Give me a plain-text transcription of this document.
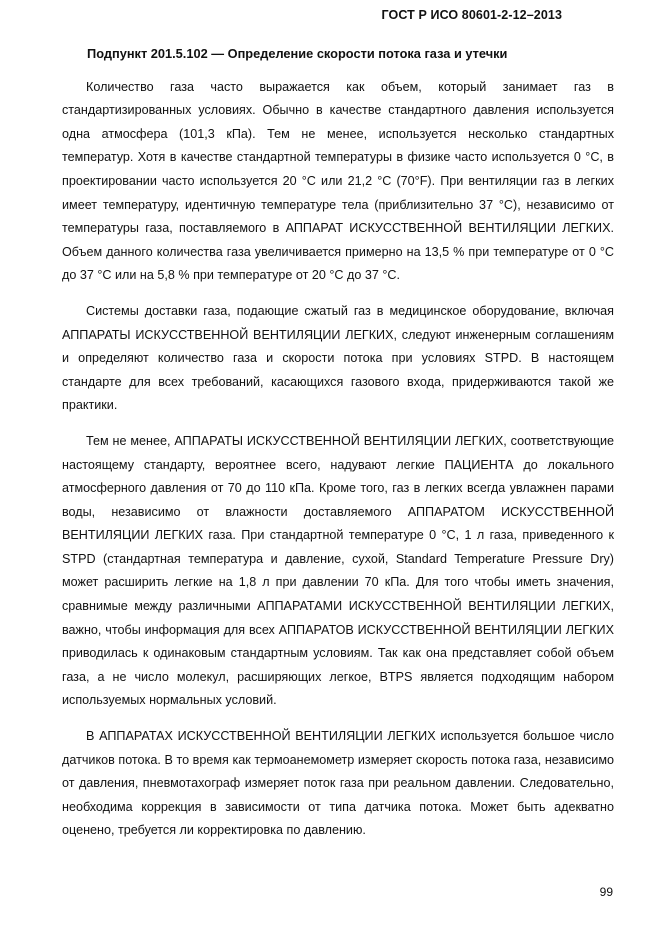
ГОСТ Р ИСО 80601-2-12–2013
Подпункт 201.5.102 — Определение скорости потока газа и утечки

Количество газа часто выражается как объем, который занимает газ в стандартизированных условиях. Обычно в качестве стандартного давления используется одна атмосфера (101,3 кПа). Тем не менее, используется несколько стандартных температур. Хотя в качестве стандартной температуры в физике часто используется 0 °С, в проектировании часто используется 20 °С или 21,2 °С (70°F). При вентиляции газ в легких имеет температуру, идентичную температуре тела (приблизительно 37 °С), независимо от температуры газа, поставляемого в АППАРАТ ИСКУССТВЕННОЙ ВЕНТИЛЯЦИИ ЛЕГКИХ. Объем данного количества газа увеличивается примерно на 13,5 % при температуре от 0 °С до 37 °С или на 5,8 % при температуре от 20 °С до 37 °С.

Системы доставки газа, подающие сжатый газ в медицинское оборудование, включая АППАРАТЫ ИСКУССТВЕННОЙ ВЕНТИЛЯЦИИ ЛЕГКИХ, следуют инженерным соглашениям и определяют количество газа и скорости потока при условиях STPD. В настоящем стандарте для всех требований, касающихся газового входа, придерживаются такой же практики.

Тем не менее, АППАРАТЫ ИСКУССТВЕННОЙ ВЕНТИЛЯЦИИ ЛЕГКИХ, соответствующие настоящему стандарту, вероятнее всего, надувают легкие ПАЦИЕНТА до локального атмосферного давления от 70 до 110 кПа. Кроме того, газ в легких всегда увлажнен парами воды, независимо от влажности доставляемого АППАРАТОМ ИСКУССТВЕННОЙ ВЕНТИЛЯЦИИ ЛЕГКИХ газа. При стандартной температуре 0 °С, 1 л газа, приведенного к STPD (стандартная температура и давление, сухой, Standard Temperature Pressure Dry) может расширить легкие на 1,8 л при давлении 70 кПа. Для того чтобы иметь значения, сравнимые между различными АППАРАТАМИ ИСКУССТВЕННОЙ ВЕНТИЛЯЦИИ ЛЕГКИХ, важно, чтобы информация для всех АППАРАТОВ ИСКУССТВЕННОЙ ВЕНТИЛЯЦИИ ЛЕГКИХ приводилась к одинаковым стандартным условиям. Так как она представляет собой объем газа, а не число молекул, расширяющих легкое, BTPS является подходящим набором используемых нормальных условий.

В АППАРАТАХ ИСКУССТВЕННОЙ ВЕНТИЛЯЦИИ ЛЕГКИХ используется большое число датчиков потока. В то время как термоанемометр измеряет скорость потока газа, независимо от давления, пневмотахограф измеряет поток газа при реальном давлении. Следовательно, необходима коррекция в зависимости от типа датчика потока. Может быть адекватно оценено, требуется ли корректировка по давлению.

99
